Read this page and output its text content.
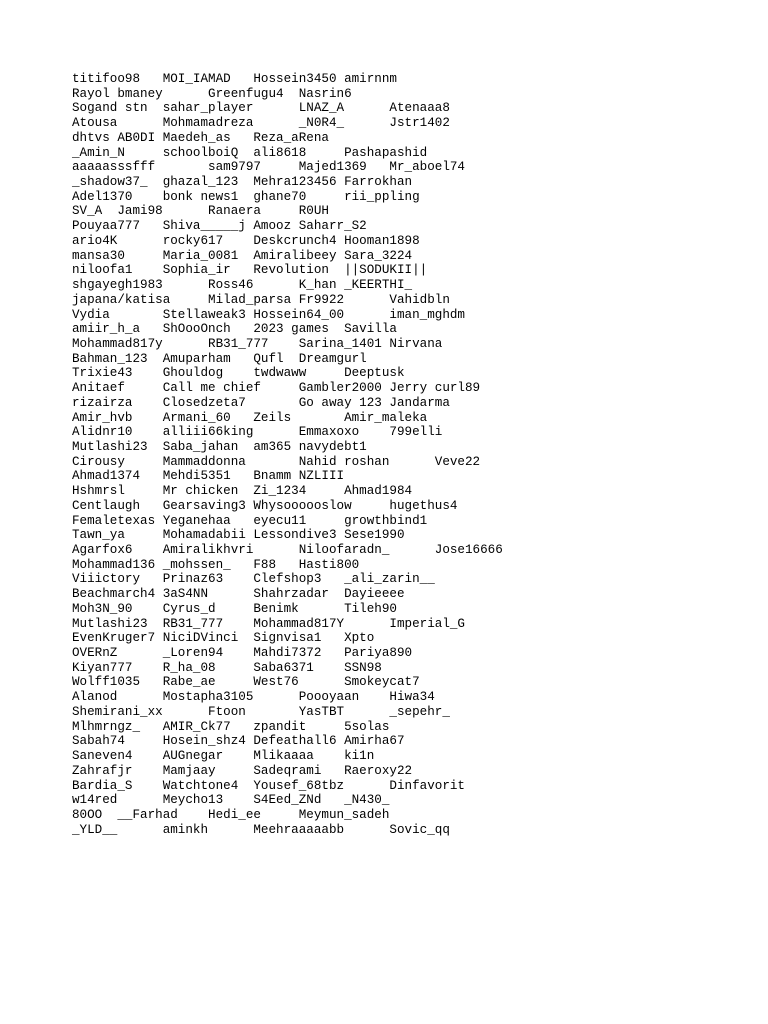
titifoo98   MOI_IAMAD   Hossein3450 amirnnm
Rayol bmaney      Greenfugu4  Nasrin6
Sogand stn  sahar_player      LNAZ_A      Atenaaa8
Atousa      Mohmamadreza      _N0R4_      Jstr1402
dhtvs AB0DI Maedeh_as   Reza_aRena
_Amin_N     schoolboiQ  ali8618     Pashapashid
aaaaasssfff       sam9797     Majed1369   Mr_aboel74
_shadow37_  ghazal_123  Mehra123456 Farrokhan
Adel1370    bonk news1  ghane70     rii_ppling
SV_A  Jami98      Ranaera     R0UH
Pouyaa777   Shiva_____j Amooz Saharr_S2
ario4K      rocky617    Deskcrunch4 Hooman1898
mansa30     Maria_0081  Amiralibeey Sara_3224
niloofa1    Sophia_ir   Revolution  ||SODUKII||
shgayegh1983      Ross46      K_han _KEERTHI_
japana/katisa     Milad_parsa Fr9922      Vahidbln
Vydia       Stellaweak3 Hossein64_00      iman_mghdm
amiir_h_a   ShOooOnch   2023 games  Savilla
Mohammad817y      RB31_777    Sarina_1401 Nirvana
Bahman_123  Amuparham   Qufl  Dreamgurl
Trixie43    Ghouldog    twdwaww     Deeptusk
Anitaef     Call me chief     Gambler2000 Jerry curl89
rizairza    Closedzeta7       Go away 123 Jandarma
Amir_hvb    Armani_60   Zeils       Amir_maleka
Alidnr10    alliii66king      Emmaxoxo    799elli
Mutlashi23  Saba_jahan  am365 navydebt1
Cirousy     Mammaddonna       Nahid roshan      Veve22
Ahmad1374   Mehdi5351   Bnamm NZLIII
Hshmrsl     Mr chicken  Zi_1234     Ahmad1984
Centlaugh   Gearsaving3 Whysoooooslow     hugethus4
Femaletexas Yeganehaa   eyecu11     growthbind1
Tawn_ya     Mohamadabii Lessondive3 Sese1990
Agarfox6    Amiralikhvri      Niloofaradn_      Jose16666
Mohammad136 _mohssen_   F88   Hasti800
Viiictory   Prinaz63    Clefshop3   _ali_zarin__
Beachmarch4 3aS4NN      Shahrzadar  Dayieeee
Moh3N_90    Cyrus_d     Benimk      Tileh90
Mutlashi23  RB31_777    Mohammad817Y      Imperial_G
EvenKruger7 NiciDVinci  Signvisa1   Xpto
OVERnZ      _Loren94    Mahdi7372   Pariya890
Kiyan777    R_ha_08     Saba6371    SSN98
Wolff1035   Rabe_ae     West76      Smokeycat7
Alanod      Mostapha3105      Poooyaan    Hiwa34
Shemirani_xx      Ftoon       YasTBT      _sepehr_
Mlhmrngz_   AMIR_Ck77   zpandit     5solas
Sabah74     Hosein_shz4 Defeathall6 Amirha67
Saneven4    AUGnegar    Mlikaaaa    ki1n
Zahrafjr    Mamjaay     Sadeqrami   Raeroxy22
Bardia_S    Watchtone4  Yousef_68tbz      Dinfavorit
w14red      Meycho13    S4Eed_ZNd   _N430_
80OO  __Farhad    Hedi_ee     Meymun_sadeh
_YLD__      aminkh      Meehraaaaabb      Sovic_qq
